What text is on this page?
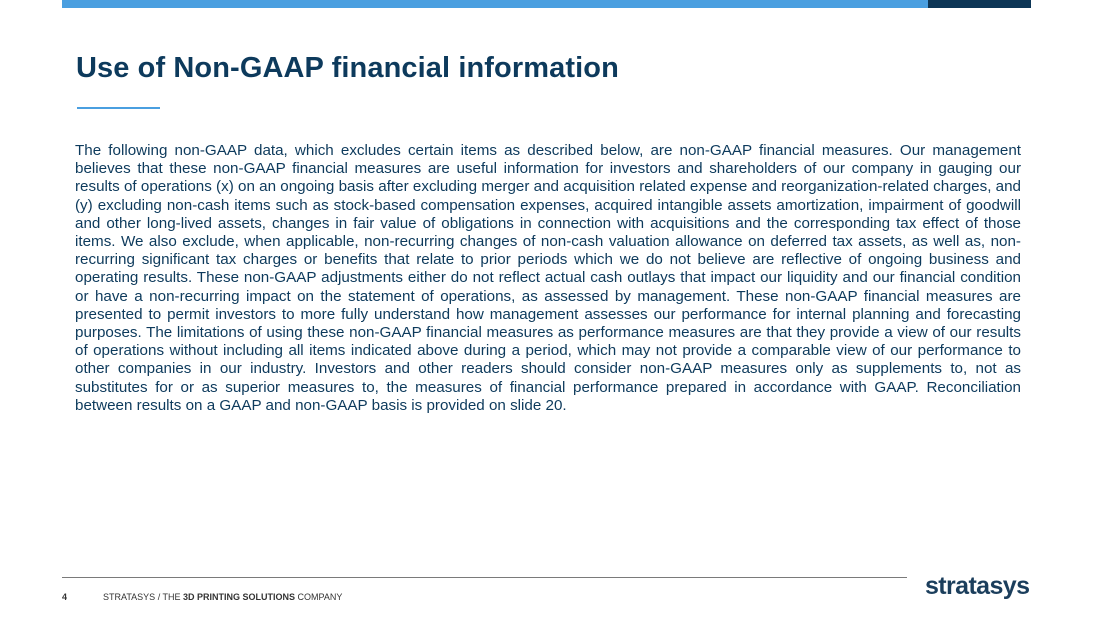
Use of Non-GAAP financial information

The following non-GAAP data, which excludes certain items as described below, are non-GAAP financial measures. Our management believes that these non-GAAP financial measures are useful information for investors and shareholders of our company in gauging our results of operations (x) on an ongoing basis after excluding merger and acquisition related expense and reorganization-related charges, and (y) excluding non-cash items such as stock-based compensation expenses, acquired intangible assets amortization, impairment of goodwill and other long-lived assets, changes in fair value of obligations in connection with acquisitions and the corresponding tax effect of those items. We also exclude, when applicable, non-recurring changes of non-cash valuation allowance on deferred tax assets, as well as, non-recurring significant tax charges or benefits that relate to prior periods which we do not believe are reflective of ongoing business and operating results. These non-GAAP adjustments either do not reflect actual cash outlays that impact our liquidity and our financial condition or have a non-recurring impact on the statement of operations, as assessed by management. These non-GAAP financial measures are presented to permit investors to more fully understand how management assesses our performance for internal planning and forecasting purposes. The limitations of using these non-GAAP financial measures as performance measures are that they provide a view of our results of operations without including all items indicated above during a period, which may not provide a comparable view of our performance to other companies in our industry. Investors and other readers should consider non-GAAP measures only as supplements to, not as substitutes for or as superior measures to, the measures of financial performance prepared in accordance with GAAP. Reconciliation between results on a GAAP and non-GAAP basis is provided on slide 20.

4	STRATASYS / THE 3D PRINTING SOLUTIONS COMPANY	stratasys
